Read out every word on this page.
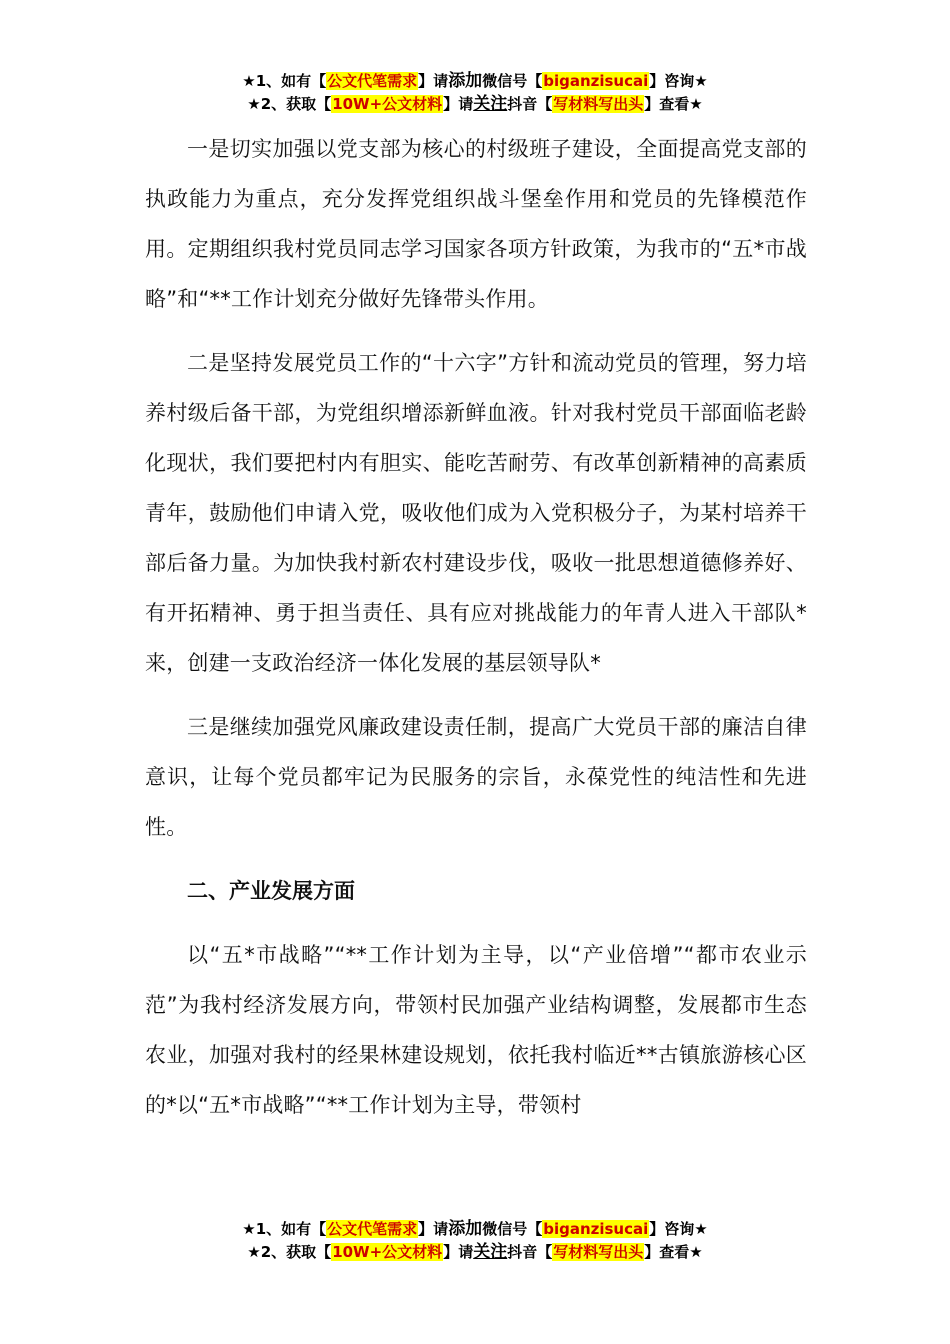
★1、如有【公文代笔需求】请添加微信号【biganzisucai】咨询★
★2、获取【10W+公文材料】请关注抖音【写材料写出头】查看★

一是切实加强以党支部为核心的村级班子建设，全面提高党支部的执政能力为重点，充分发挥党组织战斗堡垒作用和党员的先锋模范作用。定期组织我村党员同志学习国家各项方针政策，为我市的“五*市战略”和“**工作计划充分做好先锋带头作用。

二是坚持发展党员工作的“十六字”方针和流动党员的管理，努力培养村级后备干部，为党组织增添新鲜血液。针对我村党员干部面临老龄化现状，我们要把村内有胆实、能吃苦耐劳、有改革创新精神的高素质青年，鼓励他们申请入党，吸收他们成为入党积极分子，为某村培养干部后备力量。为加快我村新农村建设步伐，吸收一批思想道德修养好、有开拓精神、勇于担当责任、具有应对挑战能力的年青人进入干部队*来，创建一支政治经济一体化发展的基层领导队*

三是继续加强党风廉政建设责任制，提高广大党员干部的廉洁自律意识，让每个党员都牢记为民服务的宗旨，永葆党性的纯洁性和先进性。

二、产业发展方面

以“五*市战略”“**工作计划为主导，以“产业倍增”“都市农业示范”为我村经济发展方向，带领村民加强产业结构调整，发展都市生态农业，加强对我村的经果林建设规划，依托我村临近**古镇旅游核心区的*以“五*市战略”“**工作计划为主导，带领村

★1、如有【公文代笔需求】请添加微信号【biganzisucai】咨询★
★2、获取【10W+公文材料】请关注抖音【写材料写出头】查看★
